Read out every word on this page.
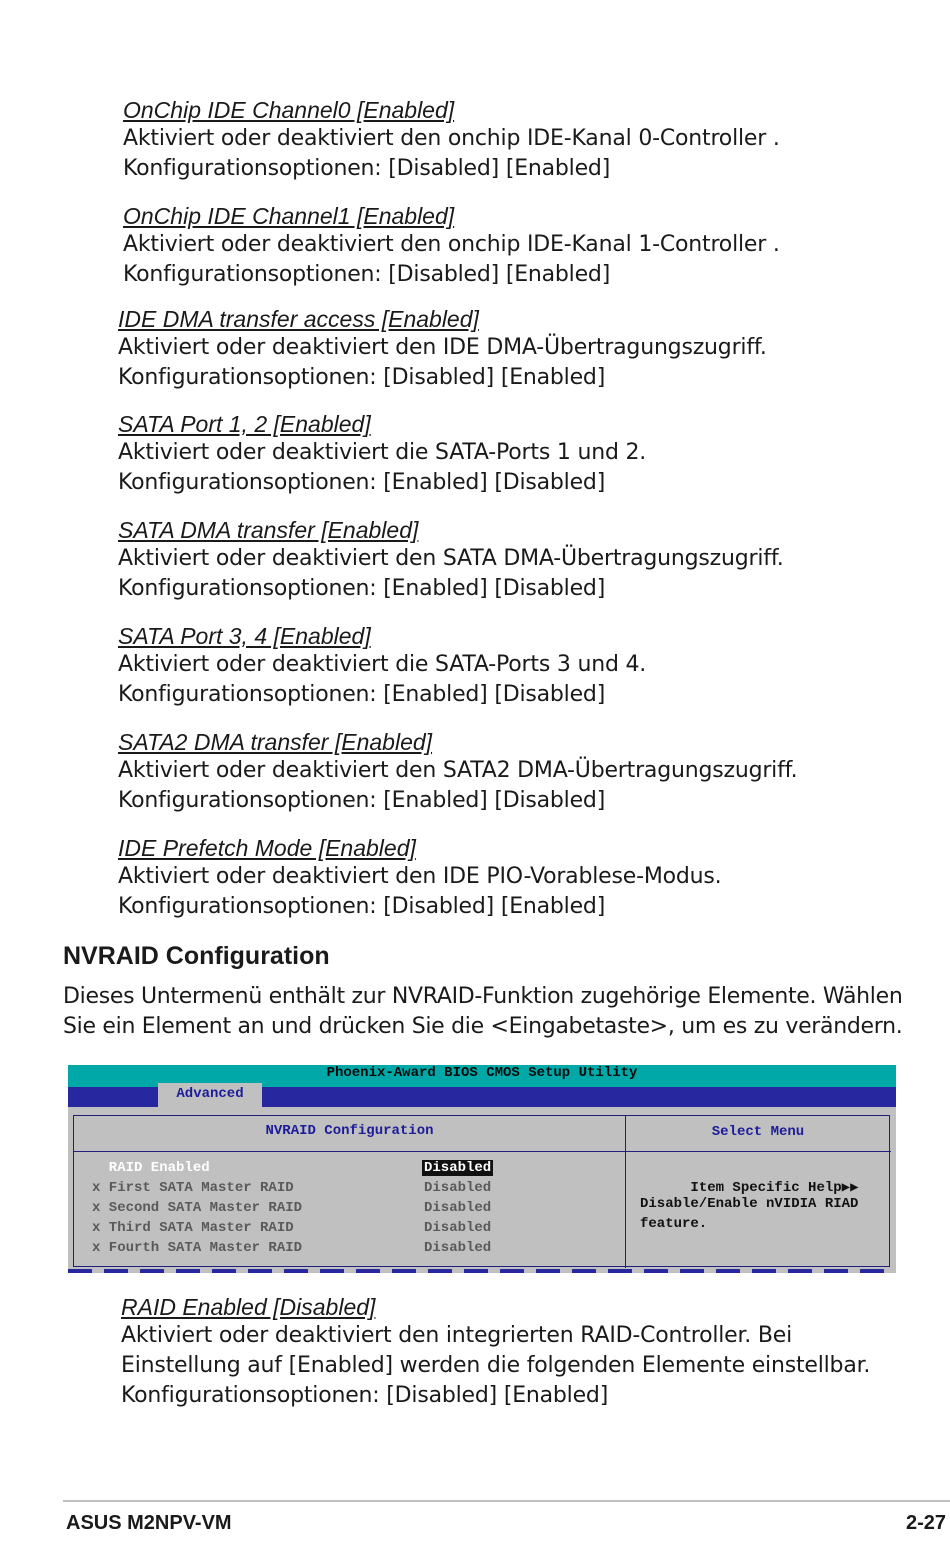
OnChip IDE Channel0 [Enabled]

Aktiviert oder deaktiviert den onchip IDE-Kanal 0-Controller .

Konfigurationsoptionen: [Disabled] [Enabled]

OnChip IDE Channel1 [Enabled]

Aktiviert oder deaktiviert den onchip IDE-Kanal 1-Controller .

Konfigurationsoptionen: [Disabled] [Enabled]

IDE DMA transfer access [Enabled]

Aktiviert oder deaktiviert den IDE DMA-Übertragungszugriff.

Konfigurationsoptionen: [Disabled] [Enabled]

SATA Port 1, 2 [Enabled]

Aktiviert oder deaktiviert die SATA-Ports 1 und 2.

Konfigurationsoptionen: [Enabled] [Disabled]

SATA DMA transfer [Enabled]

Aktiviert oder deaktiviert den SATA DMA-Übertragungszugriff.

Konfigurationsoptionen: [Enabled] [Disabled]

SATA Port 3, 4 [Enabled]

Aktiviert oder deaktiviert die SATA-Ports 3 und 4.

Konfigurationsoptionen: [Enabled] [Disabled]

SATA2 DMA transfer [Enabled]

Aktiviert oder deaktiviert den SATA2 DMA-Übertragungszugriff.

Konfigurationsoptionen: [Enabled] [Disabled]

IDE Prefetch Mode [Enabled]

Aktiviert oder deaktiviert den IDE PIO-Vorablese-Modus.

Konfigurationsoptionen: [Disabled] [Enabled]

NVRAID Configuration

Dieses Untermenü enthält zur NVRAID-Funktion zugehörige Elemente. Wählen Sie ein Element an und drücken Sie die <Eingabetaste>, um es zu verändern.

Phoenix-Award BIOS CMOS Setup Utility
Advanced
NVRAID Configuration	Select Menu

RAID Enabled

	Disabled

x First SATA Master RAID

	Disabled

x Second SATA Master RAID

	Disabled

x Third SATA Master RAID

	Disabled

x Fourth SATA Master RAID

	Disabled

Item Specific Help▶▶

Disable/Enable nVIDIA RIAD
feature.

RAID Enabled [Disabled]

Aktiviert oder deaktiviert den integrierten RAID-Controller. Bei

Einstellung auf [Enabled] werden die folgenden Elemente einstellbar.

Konfigurationsoptionen: [Disabled] [Enabled]

ASUS M2NPV-VM	2-27
